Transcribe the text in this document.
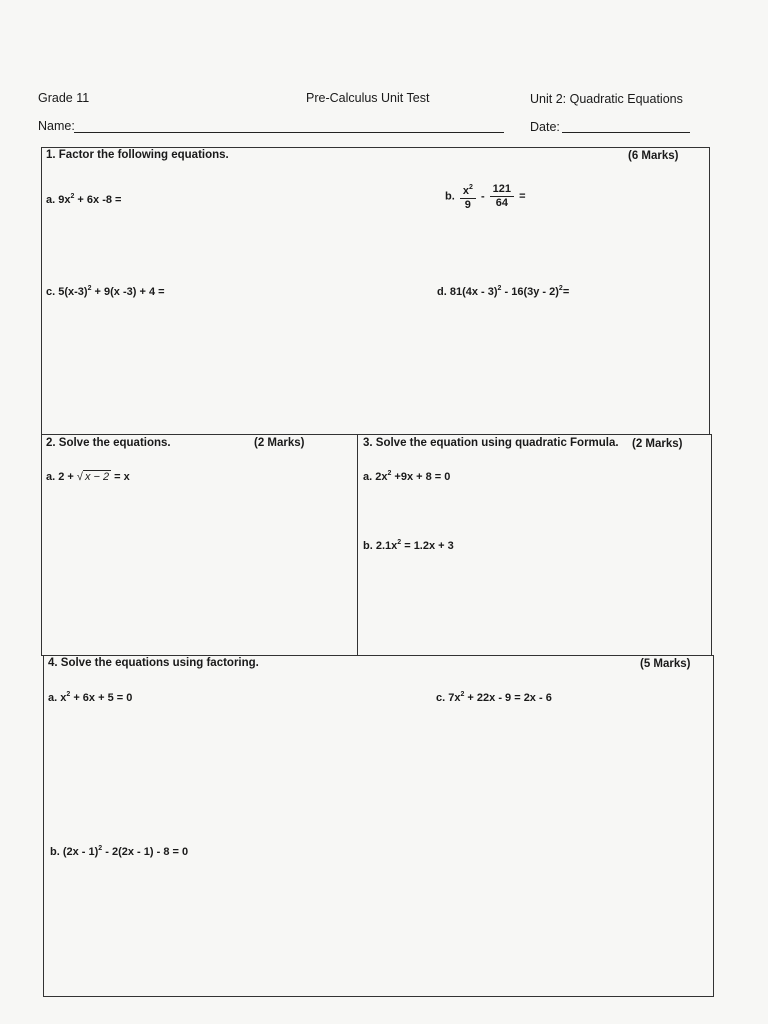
Grade 11	Pre-Calculus Unit Test	Unit 2: Quadratic Equations
Name:	Date:
1. Factor the following equations.	(6 Marks)
a. $9x^2 + 6x$ -8 =	b. $\frac{x^2}{9} - \frac{121}{64}$ =
c. $5(x-3)^2 + 9(x$ -3) + 4 =	d. 81(4x - 3)$^2$ - 16(3y - 2)$^2$=
2. Solve the equations.	(2 Marks)
a. 2 + √ x − 2 = x
3. Solve the equation using quadratic Formula. (2 Marks)
a. $2x^2 +9x + 8 = 0$
b. $2.1x^2 = 1.2x + 3$
4. Solve the equations using factoring.	(5 Marks)
a. $x^2 + 6x + 5 = 0$	c. $7x^2 + 22x - 9 = 2x - 6$
b. (2x - 1)$^2$ - 2(2x - 1) - 8 = 0
